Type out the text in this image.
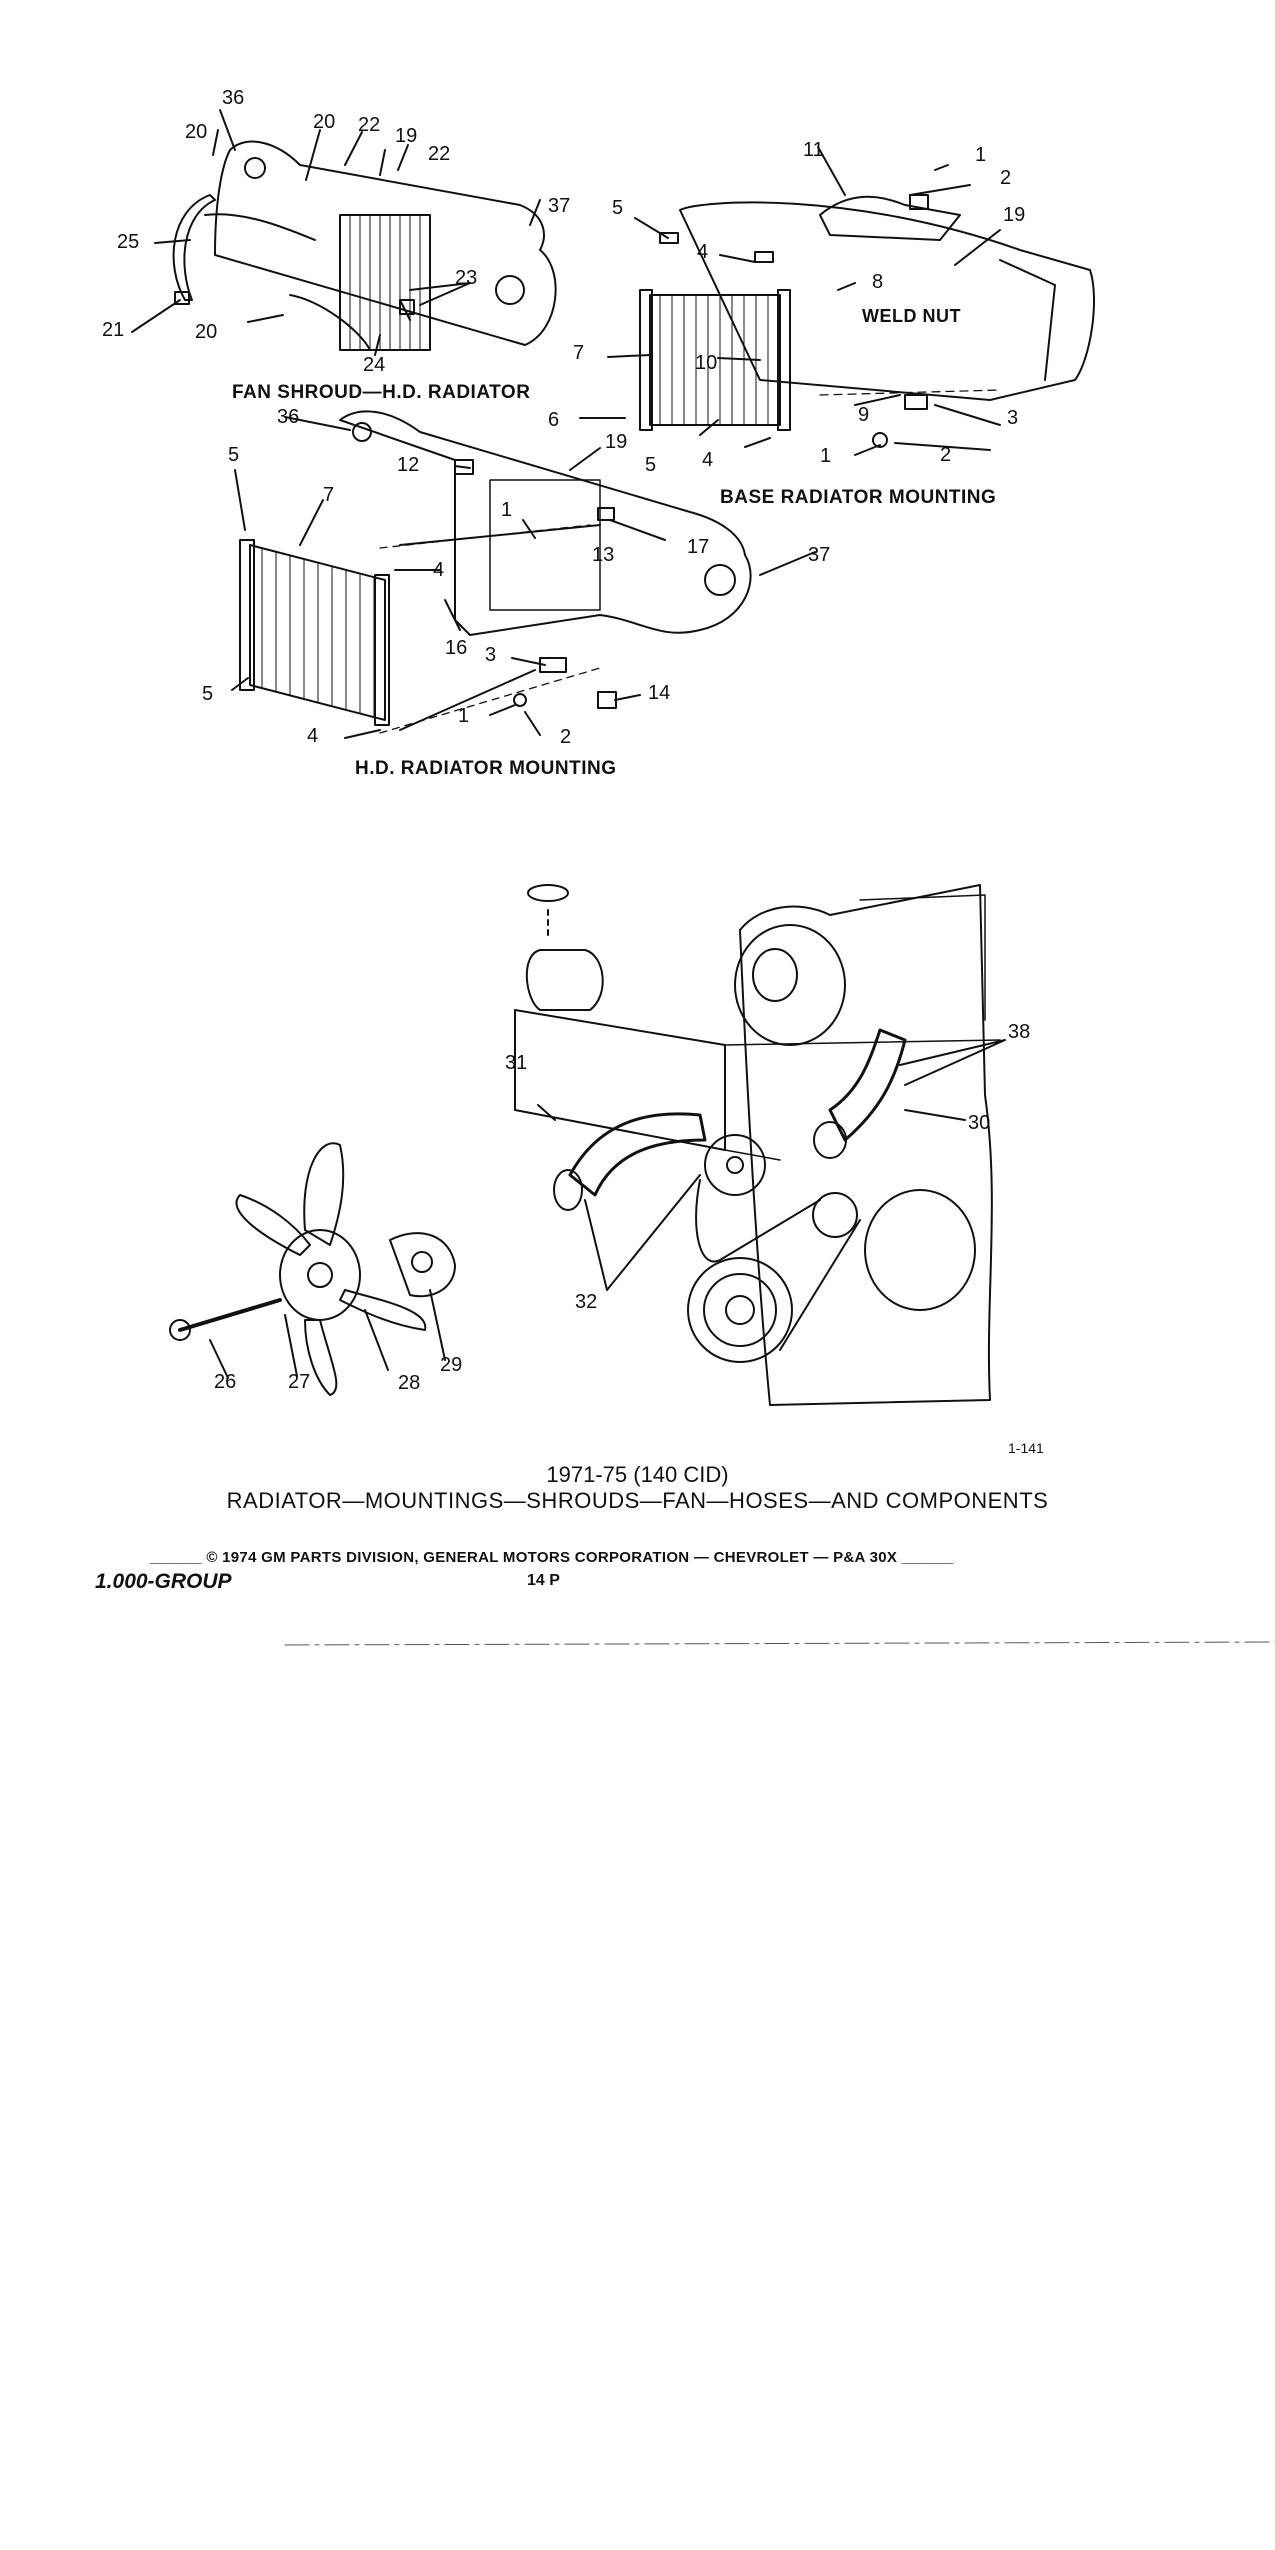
FAN SHROUD—H.D. RADIATOR
BASE RADIATOR MOUNTING
H.D. RADIATOR MOUNTING
WELD NUT
36
20	20 22 19
22
37
25
23
21	20
24
11	1
2
19
5
4
8
7	10
6
5 4
9	3
1	2
36
19
5
7
12
1
17
13	37
4
16 3
5	14
1
2
4
38
31
30
32
26	27	28
29
1-141
1971-75 (140 CID)
RADIATOR—MOUNTINGS—SHROUDS—FAN—HOSES—AND COMPONENTS
______ © 1974 GM PARTS DIVISION, GENERAL MOTORS CORPORATION — CHEVROLET — P&A 30X ______
1.000-GROUP	14 P
